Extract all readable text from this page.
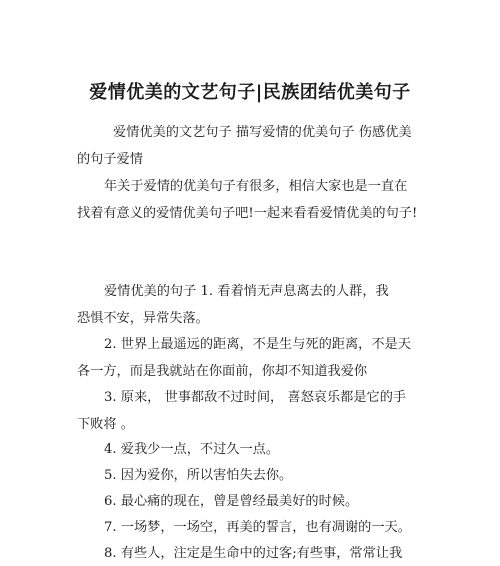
爱情优美的文艺句子|民族团结优美句子
爱情优美的文艺句子 描写爱情的优美句子 伤感优美
的句子爱情
年关于爱情的优美句子有很多，相信大家也是一直在
找着有意义的爱情优美句子吧!一起来看看爱情优美的句子!
爱情优美的句子 1. 看着悄无声息离去的人群，我
恐惧不安，异常失落。
2. 世界上最遥远的距离，不是生与死的距离，不是天
各一方，而是我就站在你面前，你却不知道我爱你
3. 原来， 世事都敌不过时间， 喜怒哀乐都是它的手
下败将 。
4. 爱我少一点，不过久一点。
5. 因为爱你，所以害怕失去你。
6. 最心痛的现在，曾是曾经最美好的时候。
7. 一场梦，一场空，再美的誓言，也有凋谢的一天。
8. 有些人，注定是生命中的过客;有些事，常常让我
